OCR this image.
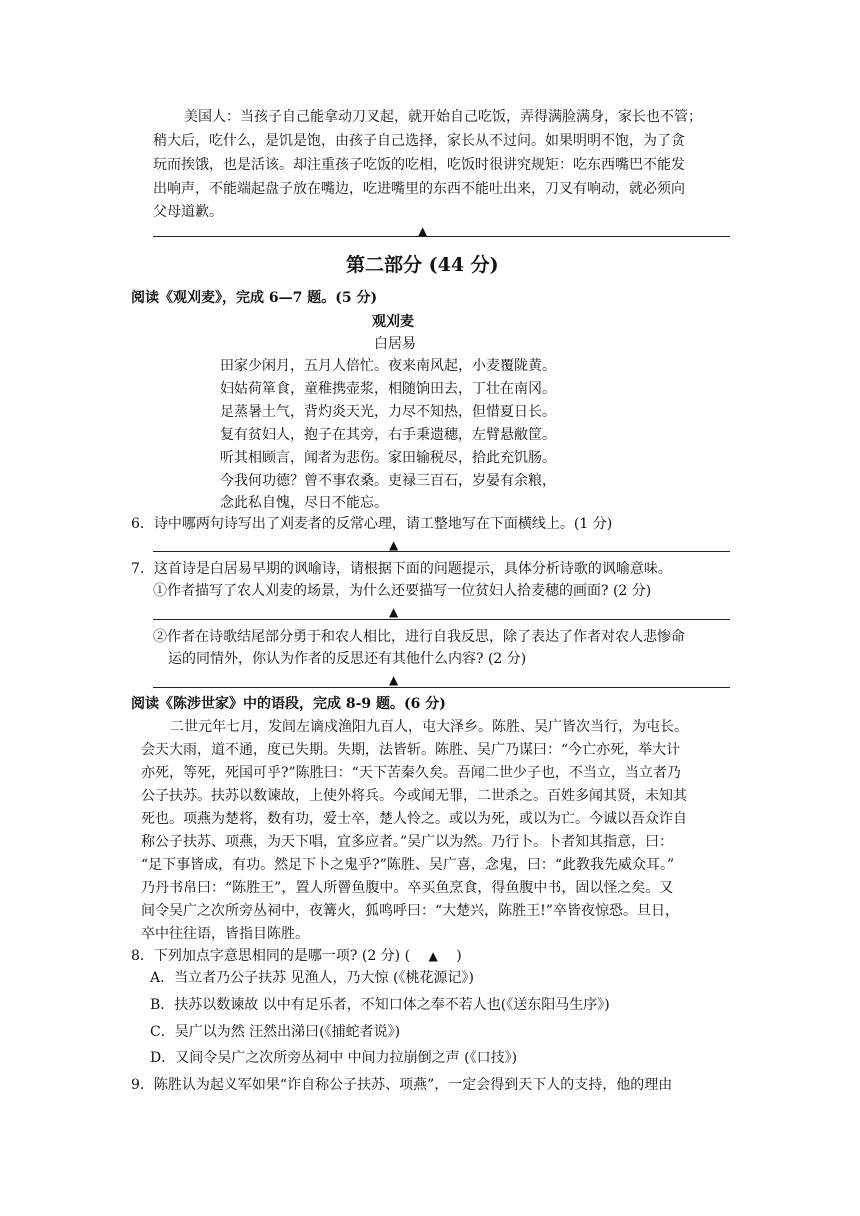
美国人：当孩子自己能拿动刀叉起，就开始自己吃饭，弄得满脸满身，家长也不管；
稍大后，吃什么，是饥是饱，由孩子自己选择，家长从不过问。如果明明不饱，为了贪
玩而挨饿，也是活该。却注重孩子吃饭的吃相，吃饭时很讲究规矩：吃东西嘴巴不能发
出响声，不能端起盘子放在嘴边，吃进嘴里的东西不能吐出来，刀叉有响动，就必须向
父母道歉。
▲
第二部分 (44 分)
阅读《观刈麦》，完成 6—7 题。(5 分)
观刈麦
白居易
田家少闲月，五月人倍忙。夜来南风起，小麦覆陇黄。
妇姑荷箪食，童稚携壶浆，相随饷田去，丁壮在南冈。
足蒸暑土气，背灼炎天光，力尽不知热，但惜夏日长。
复有贫妇人，抱子在其旁，右手秉遗穗，左臂悬敝筐。
听其相顾言，闻者为悲伤。家田输税尽，拾此充饥肠。
今我何功德？曾不事农桑。吏禄三百石，岁晏有余粮，
念此私自愧，尽日不能忘。
6．诗中哪两句诗写出了刈麦者的反常心理，请工整地写在下面横线上。(1 分)
▲
7．这首诗是白居易早期的讽喻诗，请根据下面的问题提示，具体分析诗歌的讽喻意味。
①作者描写了农人刈麦的场景，为什么还要描写一位贫妇人拾麦穗的画面? (2 分)
▲
②作者在诗歌结尾部分勇于和农人相比，进行自我反思，除了表达了作者对农人悲惨命
运的同情外，你认为作者的反思还有其他什么内容? (2 分)
▲
阅读《陈涉世家》中的语段，完成 8-9 题。(6 分)
二世元年七月，发闾左谪戍渔阳九百人，屯大泽乡。陈胜、吴广皆次当行，为屯长。
会天大雨，道不通，度已失期。失期，法皆斩。陈胜、吴广乃谋曰：“今亡亦死，举大计
亦死，等死，死国可乎?”陈胜曰：“天下苦秦久矣。吾闻二世少子也，不当立，当立者乃
公子扶苏。扶苏以数谏故，上使外将兵。今或闻无罪，二世杀之。百姓多闻其贤，未知其
死也。项燕为楚将，数有功，爱士卒，楚人怜之。或以为死，或以为亡。今诚以吾众诈自
称公子扶苏、项燕，为天下唱，宜多应者。”吴广以为然。乃行卜。卜者知其指意，曰：
“足下事皆成，有功。然足下卜之鬼乎?”陈胜、吴广喜，念鬼，曰：“此教我先威众耳。”
乃丹书帛曰：“陈胜王”，置人所罾鱼腹中。卒买鱼烹食，得鱼腹中书，固以怪之矣。又
间令吴广之次所旁丛祠中，夜篝火，狐鸣呼曰：“大楚兴，陈胜王!”卒皆夜惊恐。旦日，
卒中往往语，皆指目陈胜。
8．下列加点字意思相同的是哪一项? (2 分) ( ▲ )
A．当立者乃公子扶苏 见渔人，乃大惊 (《桃花源记》)
B．扶苏以数谏故 以中有足乐者，不知口体之奉不若人也(《送东阳马生序》)
C．吴广以为然 汪然出涕曰(《捕蛇者说》)
D．又间令吴广之次所旁丛祠中 中间力拉崩倒之声 (《口技》)
9．陈胜认为起义军如果“诈自称公子扶苏、项燕”，一定会得到天下人的支持，他的理由
